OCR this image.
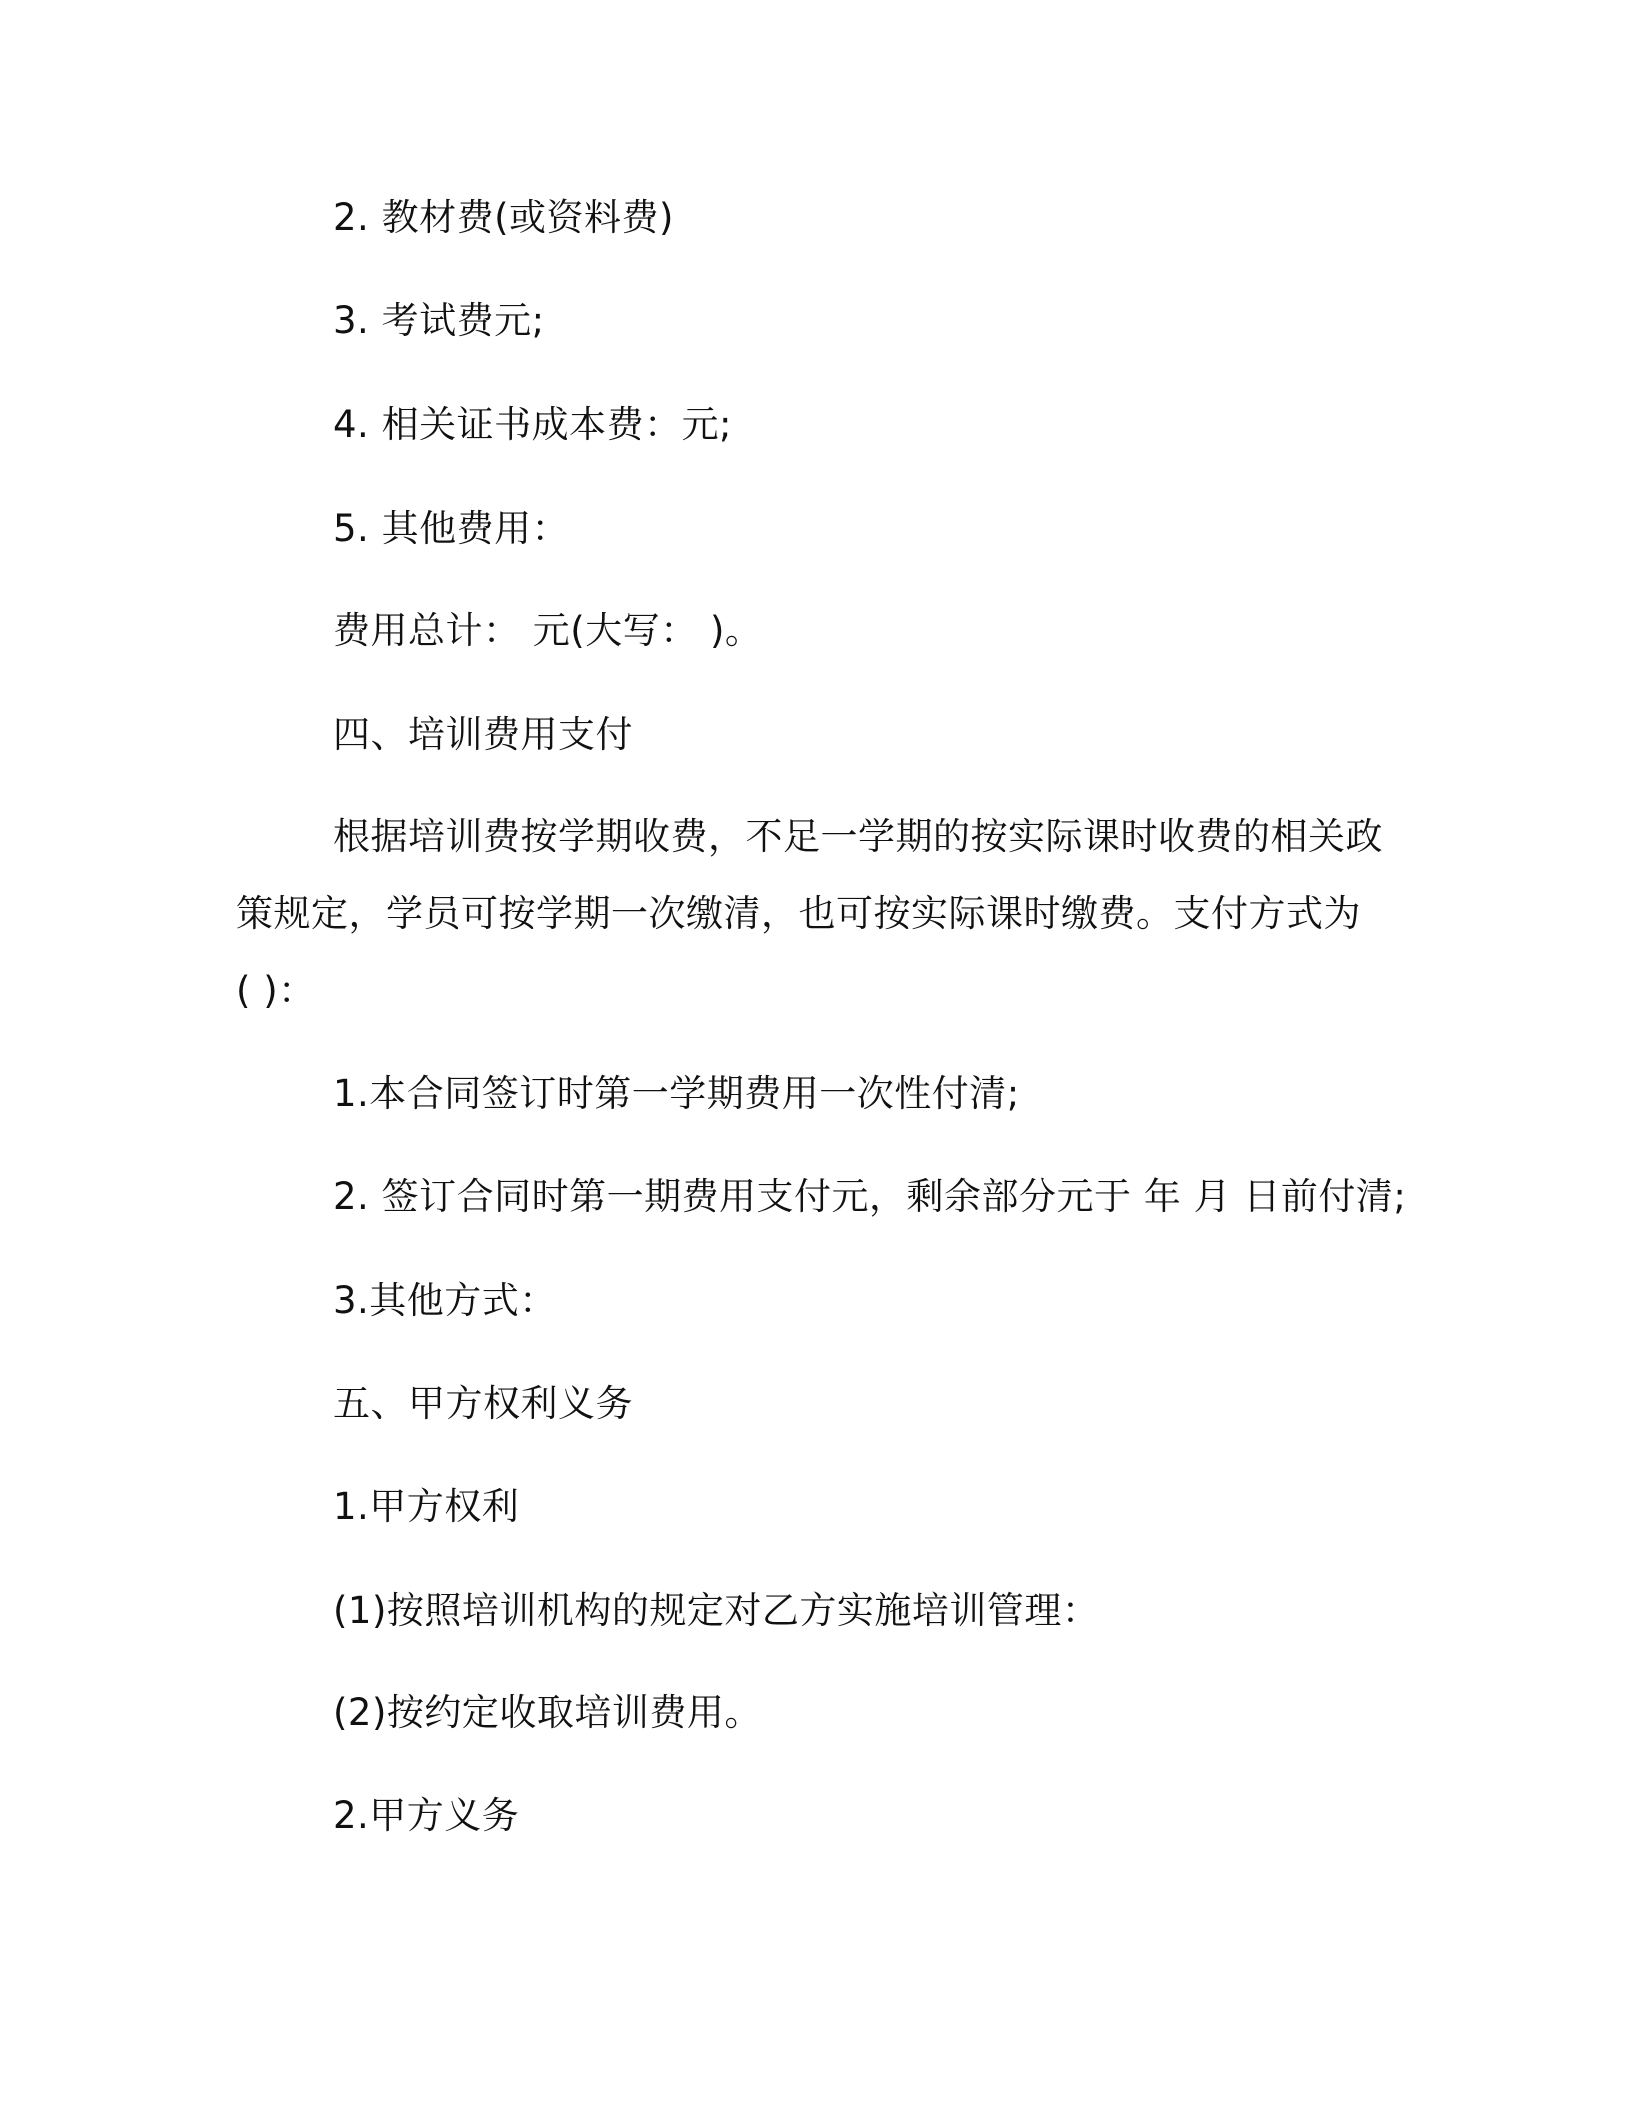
2. 教材费(或资料费)
3. 考试费元;
4. 相关证书成本费：元;
5. 其他费用：
费用总计： 元(大写： )。
四、培训费用支付
根据培训费按学期收费，不足一学期的按实际课时收费的相关政
策规定，学员可按学期一次缴清，也可按实际课时缴费。支付方式为
( )：
1.本合同签订时第一学期费用一次性付清;
2. 签订合同时第一期费用支付元，剩余部分元于 年 月 日前付清;
3.其他方式：
五、甲方权利义务
1.甲方权利
(1)按照培训机构的规定对乙方实施培训管理：
(2)按约定收取培训费用。
2.甲方义务
